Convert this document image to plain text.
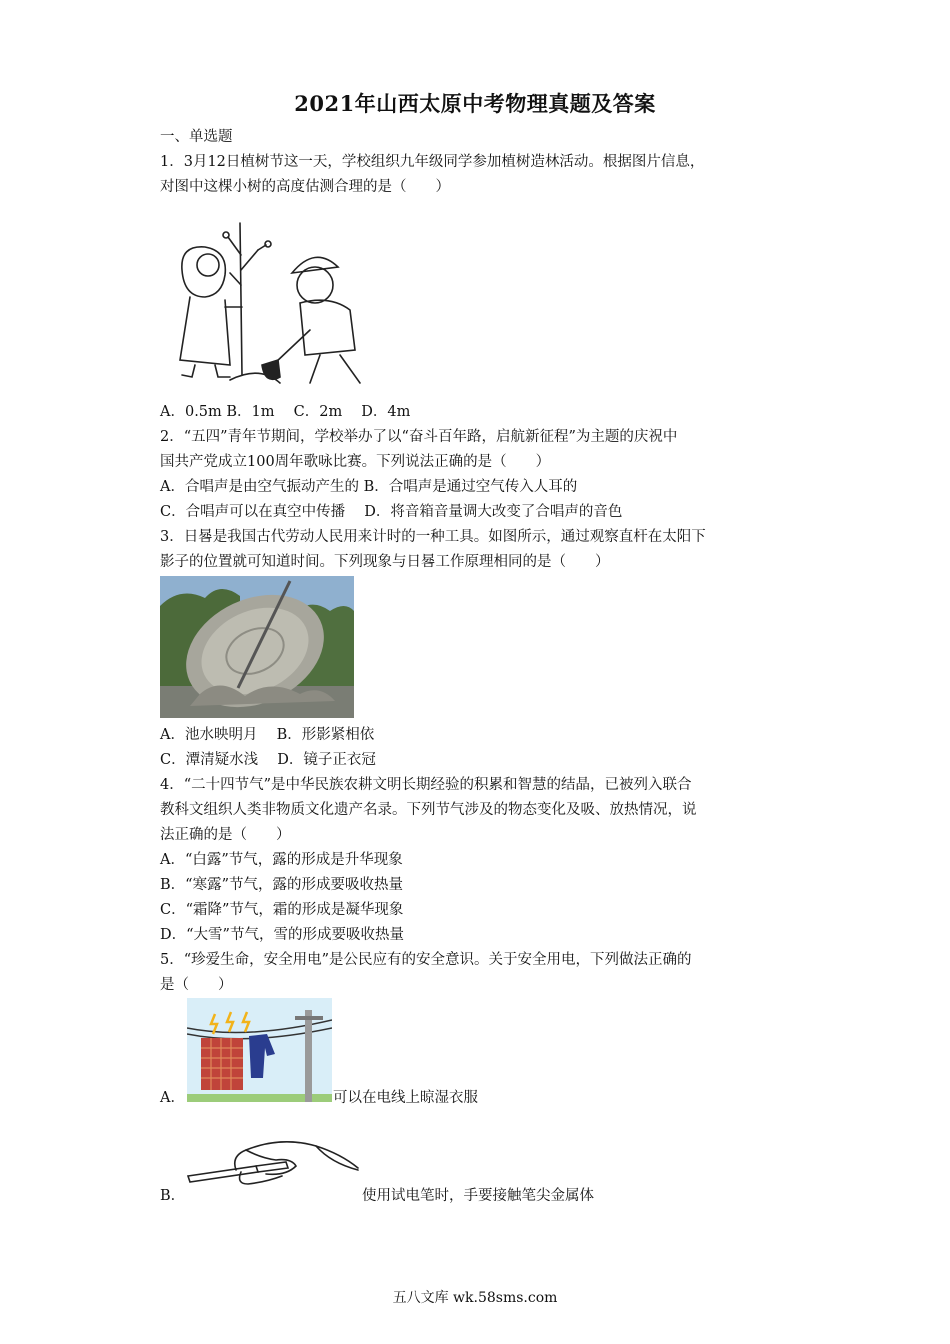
2021年山西太原中考物理真题及答案
一、单选题
1．3月12日植树节这一天，学校组织九年级同学参加植树造林活动。根据图片信息，
对图中这棵小树的高度估测合理的是（　　）
A．0.5m B．1m　 C．2m　 D．4m
2．“五四”青年节期间，学校举办了以“奋斗百年路，启航新征程”为主题的庆祝中
国共产党成立100周年歌咏比赛。下列说法正确的是（　　）
A．合唱声是由空气振动产生的 B．合唱声是通过空气传入人耳的
C．合唱声可以在真空中传播　 D．将音箱音量调大改变了合唱声的音色
3．日晷是我国古代劳动人民用来计时的一种工具。如图所示，通过观察直杆在太阳下
影子的位置就可知道时间。下列现象与日晷工作原理相同的是（　　）
A．池水映明月　 B．形影紧相依
C．潭清疑水浅　 D．镜子正衣冠
4．“二十四节气”是中华民族农耕文明长期经验的积累和智慧的结晶，已被列入联合
教科文组织人类非物质文化遗产名录。下列节气涉及的物态变化及吸、放热情况，说
法正确的是（　　）
A．“白露”节气，露的形成是升华现象
B．“寒露”节气，露的形成要吸收热量
C．“霜降”节气，霜的形成是凝华现象
D．“大雪”节气，雪的形成要吸收热量
5．“珍爱生命，安全用电”是公民应有的安全意识。关于安全用电，下列做法正确的
是（　　）
A．	可以在电线上晾湿衣服
B．	使用试电笔时，手要接触笔尖金属体
五八文库 wk.58sms.com
